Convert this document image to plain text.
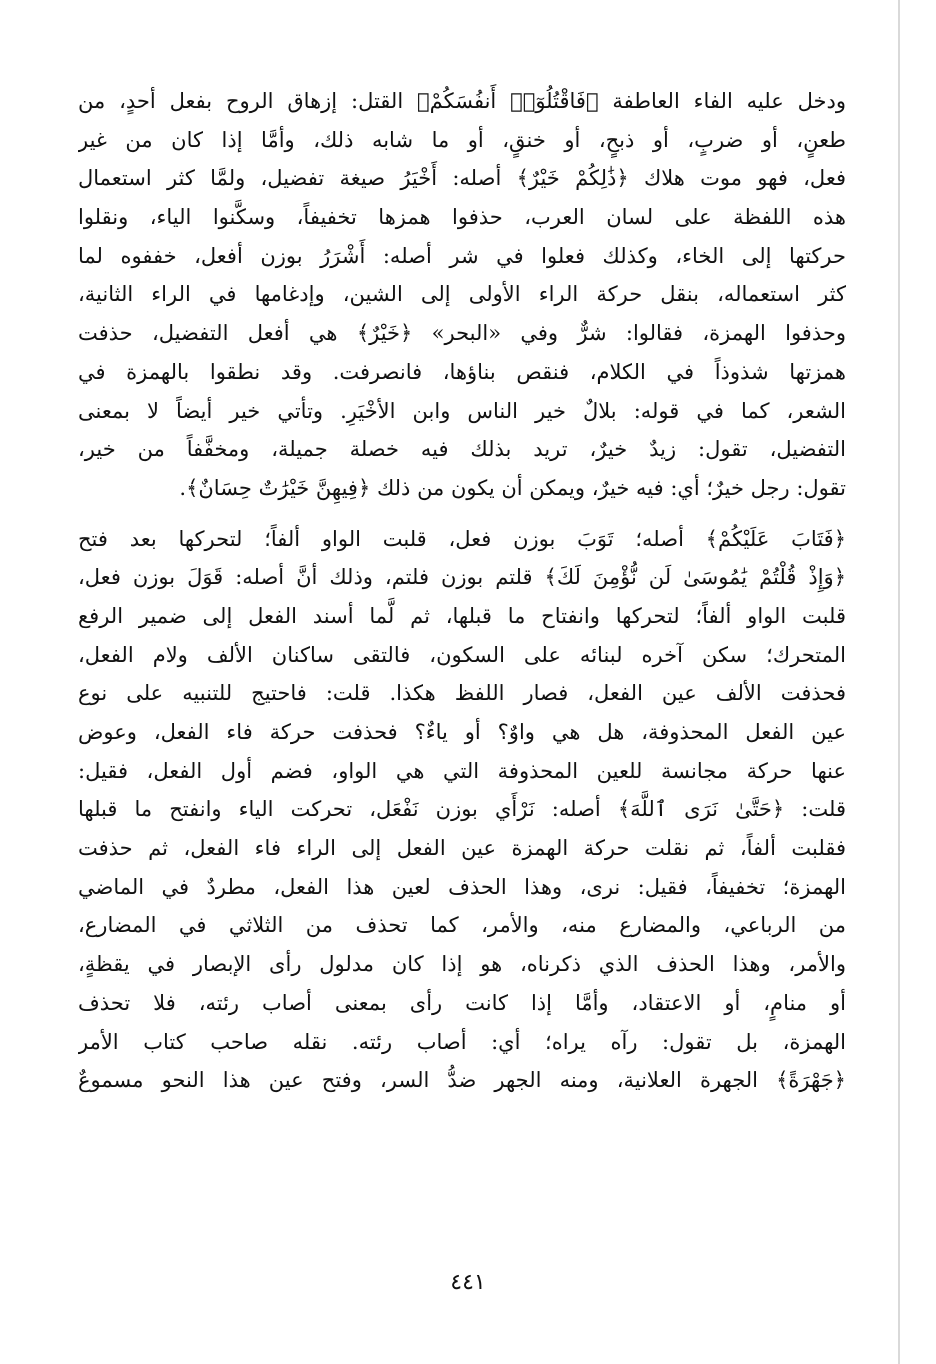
ودخل عليه الفاء العاطفة ﴿فَاقْتُلُوٓا۟ أَنفُسَكُمْ﴾ القتل: إزهاق الروح بفعل أحدٍ، من
طعنٍ، أو ضربٍ، أو ذبحٍ، أو خنقٍ، أو ما شابه ذلك، وأمَّا إذا كان من غير
فعل، فهو موت هلاك ﴿ذَٰلِكُمْ خَيْرٌ﴾ أصله: أَخْيَرُ صيغة تفضيل، ولمَّا كثر استعمال
هذه اللفظة على لسان العرب، حذفوا همزها تخفيفاً، وسكَّنوا الياء، ونقلوا
حركتها إلى الخاء، وكذلك فعلوا في شر أصله: أَشْرَرُ بوزن أفعل، خففوه لما
كثر استعماله، بنقل حركة الراء الأولى إلى الشين، وإدغامها في الراء الثانية،
وحذفوا الهمزة، فقالوا: شرٌّ وفي «البحر» ﴿خَيْرٌ﴾ هي أفعل التفضيل، حذفت
همزتها شذوذاً في الكلام، فنقص بناؤها، فانصرفت. وقد نطقوا بالهمزة في
الشعر، كما في قوله: بلالٌ خير الناس وابن الأخْيَرِ. وتأتي خير أيضاً لا بمعنى
التفضيل، تقول: زيدٌ خيرٌ، تريد بذلك فيه خصلة جميلة، ومخفَّفاً من خير،
تقول: رجل خيرٌ؛ أي: فيه خيرٌ، ويمكن أن يكون من ذلك ﴿فِيهِنَّ خَيْرَٰتٌ حِسَانٌ﴾.
﴿فَتَابَ عَلَيْكُمْ﴾ أصله؛ تَوَبَ بوزن فعل، قلبت الواو ألفاً؛ لتحركها بعد فتح
﴿وَإِذْ قُلْتُمْ يَٰمُوسَىٰ لَن نُّؤْمِنَ لَكَ﴾ قلتم بوزن فلتم، وذلك أنَّ أصله: قَوَلَ بوزن فعل،
قلبت الواو ألفاً؛ لتحركها وانفتاح ما قبلها، ثم لَّما أسند الفعل إلى ضمير الرفع
المتحرك؛ سكن آخره لبنائه على السكون، فالتقى ساكنان الألف ولام الفعل،
فحذفت الألف عين الفعل، فصار اللفظ هكذا. قلت: فاحتيج للتنبيه على نوع
عين الفعل المحذوفة، هل هي واوٌ؟ أو ياءٌ؟ فحذفت حركة فاء الفعل، وعوض
عنها حركة مجانسة للعين المحذوفة التي هي الواو، فضم أول الفعل، فقيل:
قلت: ﴿حَتَّىٰ نَرَى ٱللَّهَ﴾ أصله: نَرْأَي بوزن نَفْعَل، تحركت الياء وانفتح ما قبلها
فقلبت ألفاً، ثم نقلت حركة الهمزة عين الفعل إلى الراء فاء الفعل، ثم حذفت
الهمزة؛ تخفيفاً، فقيل: نرى، وهذا الحذف لعين هذا الفعل، مطردٌ في الماضي
من الرباعي، والمضارع منه، والأمر، كما تحذف من الثلاثي في المضارع،
والأمر، وهذا الحذف الذي ذكرناه، هو إذا كان مدلول رأى الإبصار في يقظةٍ،
أو منامٍ، أو الاعتقاد، وأمَّا إذا كانت رأى بمعنى أصاب رئته، فلا تحذف
الهمزة، بل تقول: رآه يراه؛ أي: أصاب رئته. نقله صاحب كتاب الأمر
﴿جَهْرَةً﴾ الجهرة العلانية، ومنه الجهر ضدُّ السر، وفتح عين هذا النحو مسموعٌ
٤٤١
